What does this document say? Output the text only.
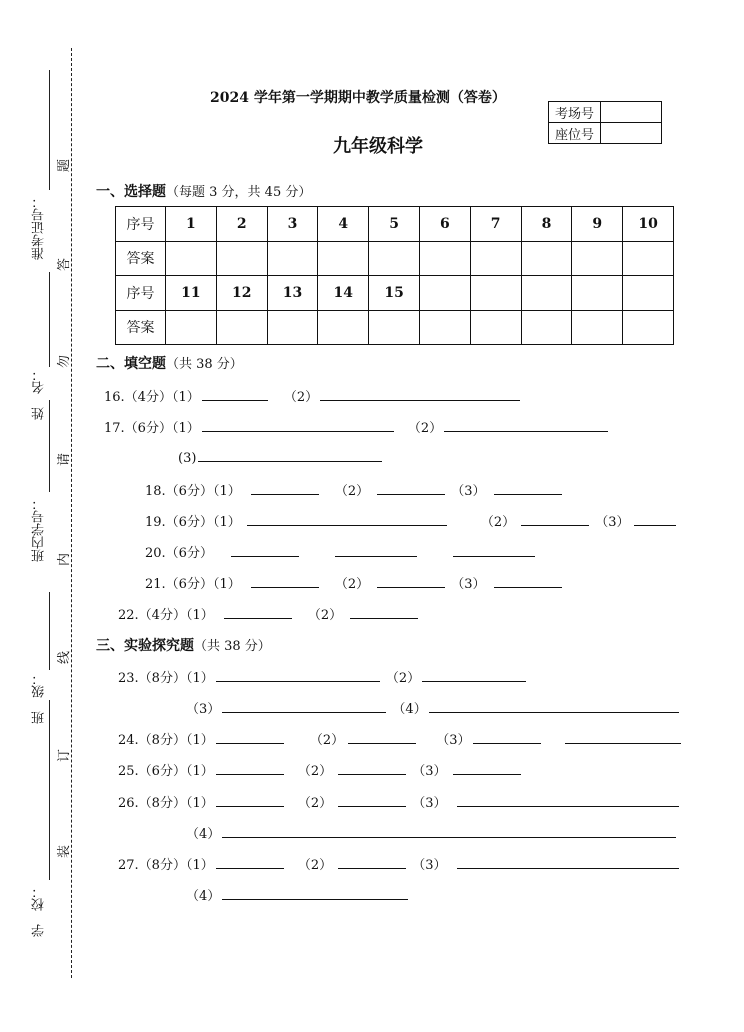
准考证号：
姓　名：
班内学号：
班　级：
学　校：
题
答
勿
请
内
线
订
装
2024 学年第一学期期中教学质量检测（答卷）
九年级科学
考场号	
座位号	
一、选择题（每题 3 分，共 45 分）
序号	1	2	3	4	5	6	7	8	9	10
答案										
序号	11	12	13	14	15					
答案										
二、填空题（共 38 分）
16.（4分）（1）	（2）
17.（6分）（1）	（2）
(3)
18.（6分）（1）	（2）	（3）
19.（6分）（1）	（2）	（3）
20.（6分）
21.（6分）（1）	（2）	（3）
22.（4分）（1）	（2）
三、实验探究题（共 38 分）
23.（8分）（1）	（2）
（3）	（4）
24.（8分）（1）	（2）	（3）
25.（6分）（1）	（2）	（3）
26.（8分）（1）	（2）	（3）
（4）
27.（8分）（1）	（2）	（3）
（4）
